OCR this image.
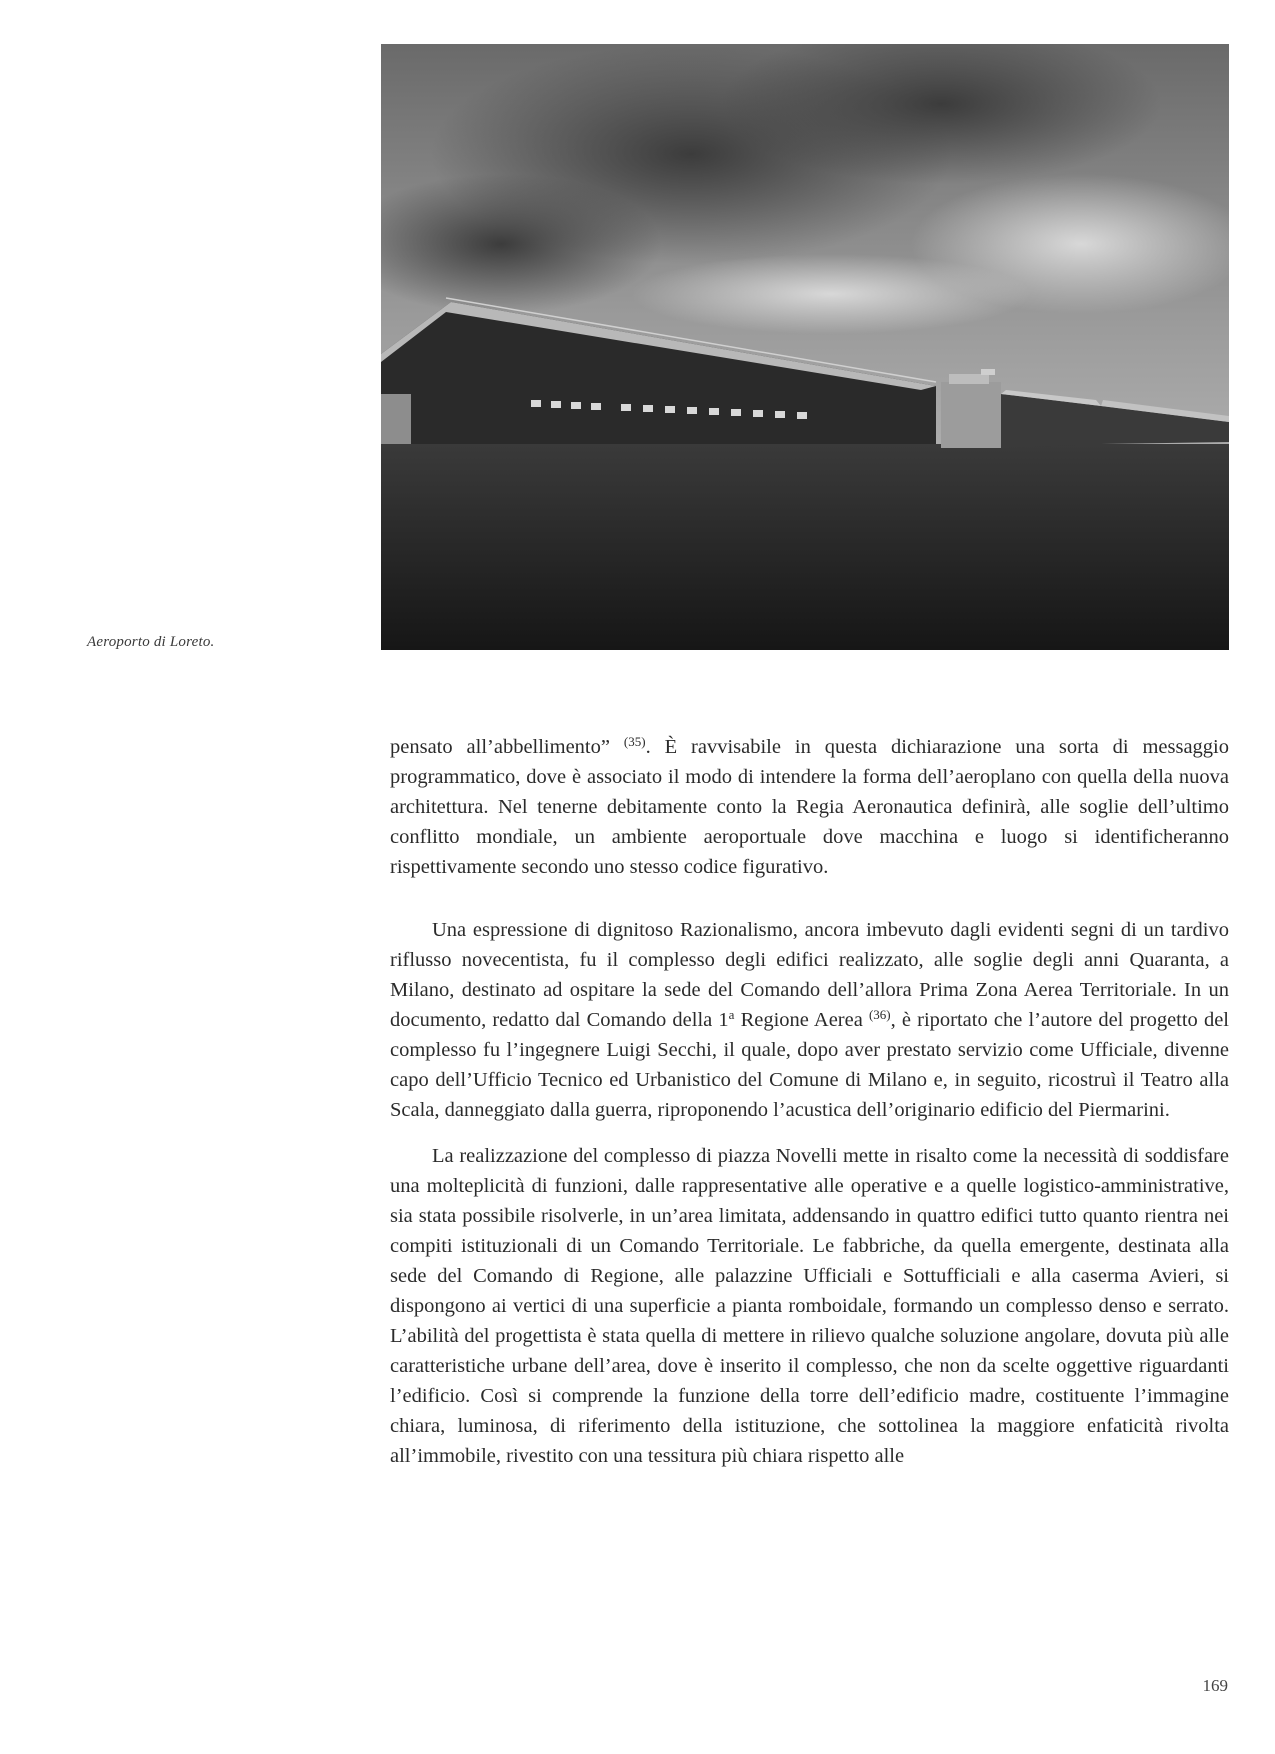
Aeroporto di Loreto.

pensato all’abbellimento” $^{(35)}$. È ravvisabile in questa dichiarazione una sorta di messaggio programmatico, dove è associato il modo di intendere la forma dell’aeroplano con quella della nuova architettura. Nel tenerne debitamente conto la Regia Aeronautica definirà, alle soglie dell’ultimo conflitto mondiale, un ambiente aeroportuale dove macchina e luogo si identificheranno rispettivamente secondo uno stesso codice figurativo.

Una espressione di dignitoso Razionalismo, ancora imbevuto dagli evidenti segni di un tardivo riflusso novecentista, fu il complesso degli edifici realizzato, alle soglie degli anni Quaranta, a Milano, destinato ad ospitare la sede del Comando dell’allora Prima Zona Aerea Territoriale. In un documento, redatto dal Comando della 1$^a$ Regione Aerea $^{(36)}$, è riportato che l’autore del progetto del complesso fu l’ingegnere Luigi Secchi, il quale, dopo aver prestato servizio come Ufficiale, divenne capo dell’Ufficio Tecnico ed Urbanistico del Comune di Milano e, in seguito, ricostruì il Teatro alla Scala, danneggiato dalla guerra, riproponendo l’acustica dell’originario edificio del Piermarini.

La realizzazione del complesso di piazza Novelli mette in risalto come la necessità di soddisfare una molteplicità di funzioni, dalle rappresentative alle operative e a quelle logistico-amministrative, sia stata possibile risolverle, in un’area limitata, addensando in quattro edifici tutto quanto rientra nei compiti istituzionali di un Comando Territoriale. Le fabbriche, da quella emergente, destinata alla sede del Comando di Regione, alle palazzine Ufficiali e Sottufficiali e alla caserma Avieri, si dispongono ai vertici di una superficie a pianta romboidale, formando un complesso denso e serrato. L’abilità del progettista è stata quella di mettere in rilievo qualche soluzione angolare, dovuta più alle caratteristiche urbane dell’area, dove è inserito il complesso, che non da scelte oggettive riguardanti l’edificio. Così si comprende la funzione della torre dell’edificio madre, costituente l’immagine chiara, luminosa, di riferimento della istituzione, che sottolinea la maggiore enfaticità rivolta all’immobile, rivestito con una tessitura più chiara rispetto alle

169
